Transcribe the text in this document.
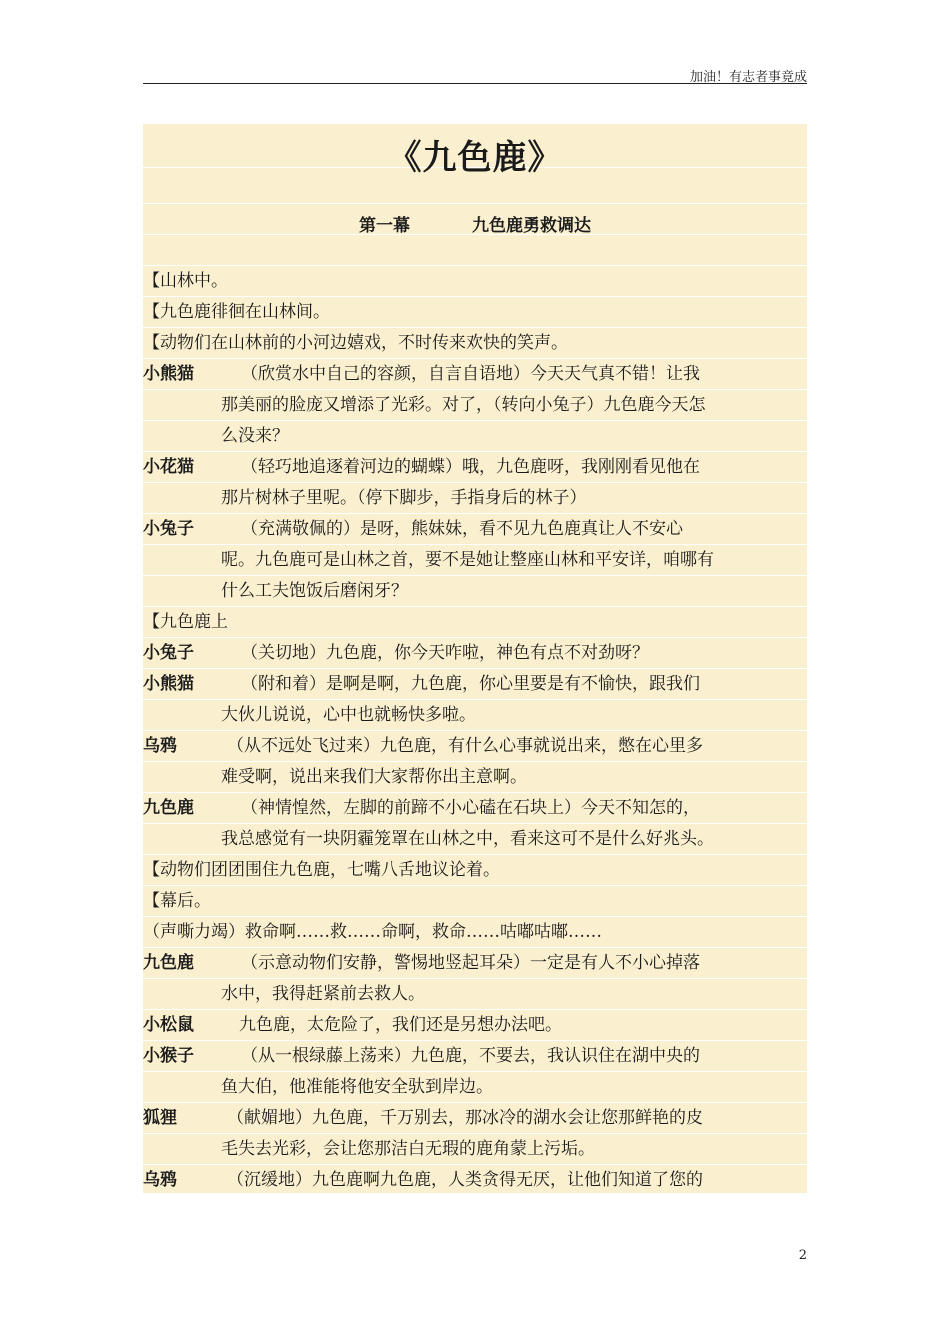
加油！有志者事竟成
《九色鹿》
第一幕	九色鹿勇救调达
【山林中。
【九色鹿徘徊在山林间。
【动物们在山林前的小河边嬉戏，不时传来欢快的笑声。
小熊猫	（欣赏水中自己的容颜，自言自语地）今天天气真不错！让我
那美丽的脸庞又增添了光彩。对了，（转向小兔子）九色鹿今天怎
么没来？
小花猫	（轻巧地追逐着河边的蝴蝶）哦，九色鹿呀，我刚刚看见他在
那片树林子里呢。（停下脚步，手指身后的林子）
小兔子	（充满敬佩的）是呀，熊妹妹，看不见九色鹿真让人不安心
呢。九色鹿可是山林之首，要不是她让整座山林和平安详，咱哪有
什么工夫饱饭后磨闲牙？
【九色鹿上
小兔子	（关切地）九色鹿，你今天咋啦，神色有点不对劲呀？
小熊猫	（附和着）是啊是啊，九色鹿，你心里要是有不愉快，跟我们
大伙儿说说，心中也就畅快多啦。
乌鸦	（从不远处飞过来）九色鹿，有什么心事就说出来，憋在心里多
难受啊，说出来我们大家帮你出主意啊。
九色鹿	（神情惶然，左脚的前蹄不小心磕在石块上）今天不知怎的，
我总感觉有一块阴霾笼罩在山林之中，看来这可不是什么好兆头。
【动物们团团围住九色鹿，七嘴八舌地议论着。
【幕后。
（声嘶力竭）救命啊……救……命啊，救命……咕嘟咕嘟……
九色鹿	（示意动物们安静，警惕地竖起耳朵）一定是有人不小心掉落
水中，我得赶紧前去救人。
小松鼠	九色鹿，太危险了，我们还是另想办法吧。
小猴子	（从一根绿藤上荡来）九色鹿，不要去，我认识住在湖中央的
鱼大伯，他准能将他安全驮到岸边。
狐狸	（献媚地）九色鹿，千万别去，那冰冷的湖水会让您那鲜艳的皮
毛失去光彩，会让您那洁白无瑕的鹿角蒙上污垢。
乌鸦	（沉缓地）九色鹿啊九色鹿，人类贪得无厌，让他们知道了您的
2
